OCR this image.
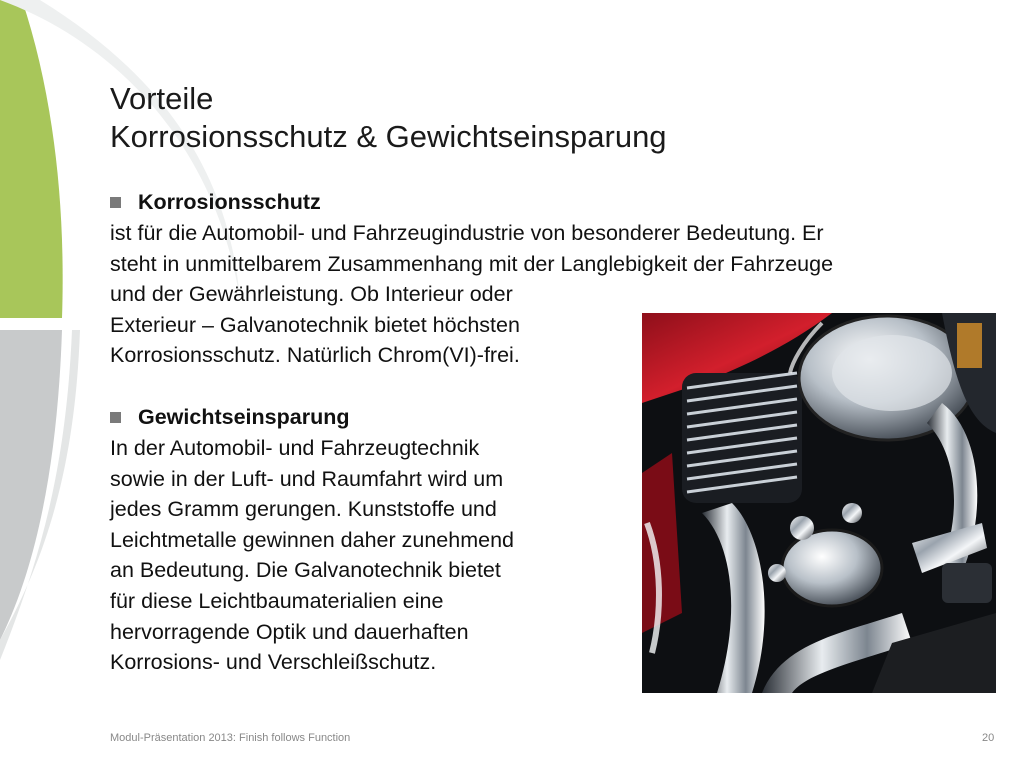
Vorteile
Korrosionsschutz & Gewichtseinsparung
Korrosionsschutz
ist für die Automobil- und Fahrzeugindustrie von besonderer Bedeutung. Er
steht in unmittelbarem Zusammenhang mit der Langlebigkeit der Fahrzeuge
und der Gewährleistung. Ob Interieur oder
Exterieur – Galvanotechnik bietet höchsten
Korrosionsschutz. Natürlich Chrom(VI)-frei.
Gewichtseinsparung
In der Automobil- und Fahrzeugtechnik
sowie in der Luft- und Raumfahrt wird um
jedes Gramm gerungen. Kunststoffe und
Leichtmetalle gewinnen daher zunehmend
an Bedeutung. Die Galvanotechnik bietet
für diese Leichtbaumaterialien eine
hervorragende Optik und dauerhaften
Korrosions- und Verschleißschutz.
Modul-Präsentation 2013: Finish follows Function	20
